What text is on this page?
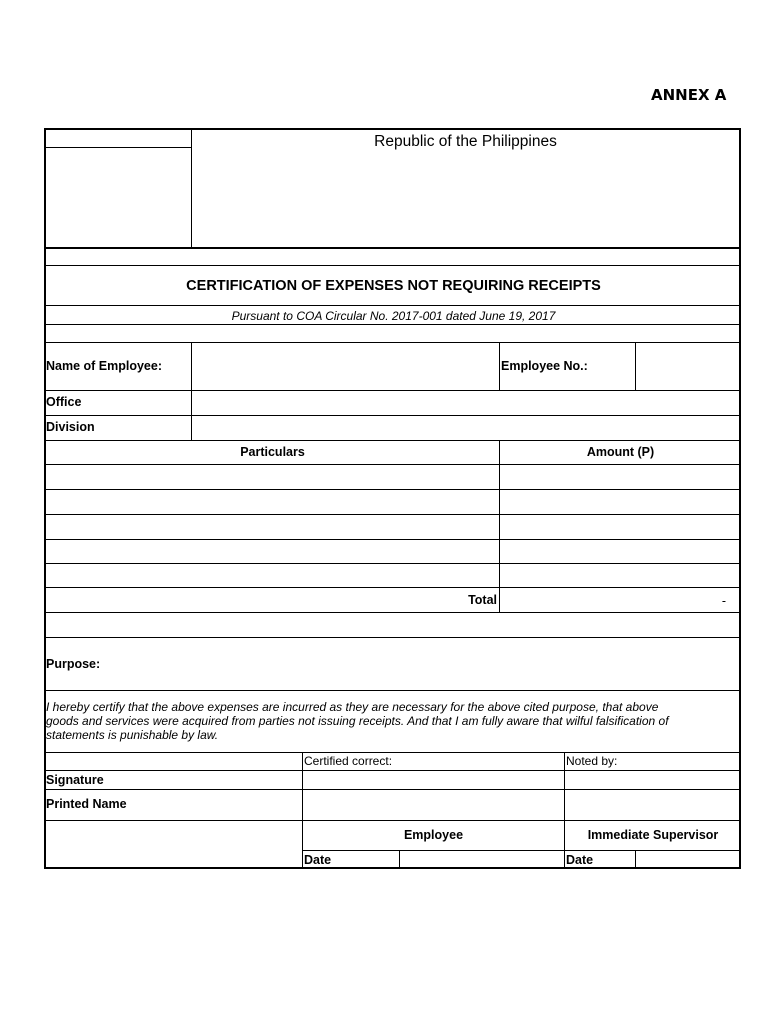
ANNEX A
Republic of the Philippines
CERTIFICATION OF EXPENSES NOT REQUIRING RECEIPTS
Pursuant to COA Circular No. 2017-001 dated June 19, 2017
Name of Employee:	Employee No.:
Office
Division
Particulars	Amount (P)
Total	-
Purpose:
I hereby certify that the above expenses are incurred as they are necessary for the above cited purpose, that above
goods and services were acquired from parties not issuing receipts. And that I am fully aware that wilful falsification of
statements is punishable by law.
Certified correct:	Noted by:
Signature
Printed Name
Employee	Immediate Supervisor
Date	Date
